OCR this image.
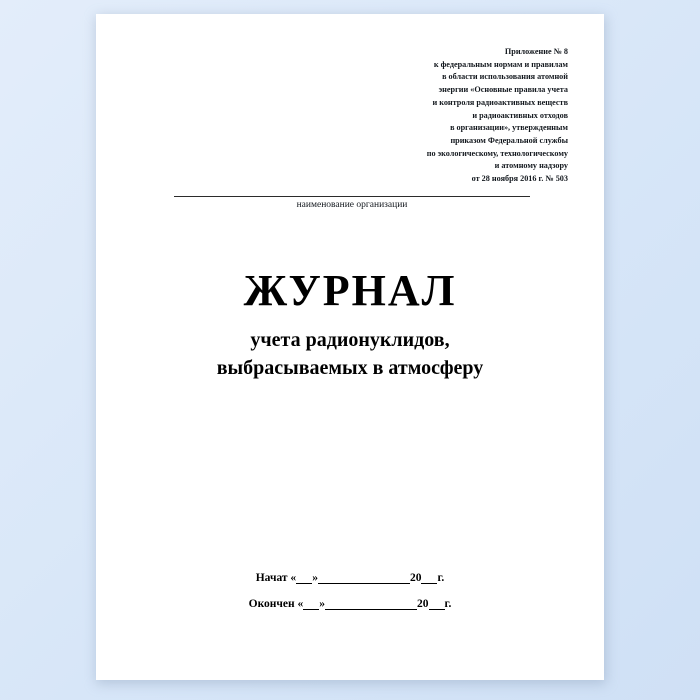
Приложение № 8
к федеральным нормам и правилам
в области использования атомной
энергии «Основные правила учета
и контроля радиоактивных веществ
и радиоактивных отходов
в организации», утвержденным
приказом Федеральной службы
по экологическому, технологическому
и атомному надзору
от 28 ноября 2016 г. № 503
наименование организации
ЖУРНАЛ
учета радионуклидов,
выбрасываемых в атмосферу
Начат « »	20 г.
Окончен « »	20 г.
